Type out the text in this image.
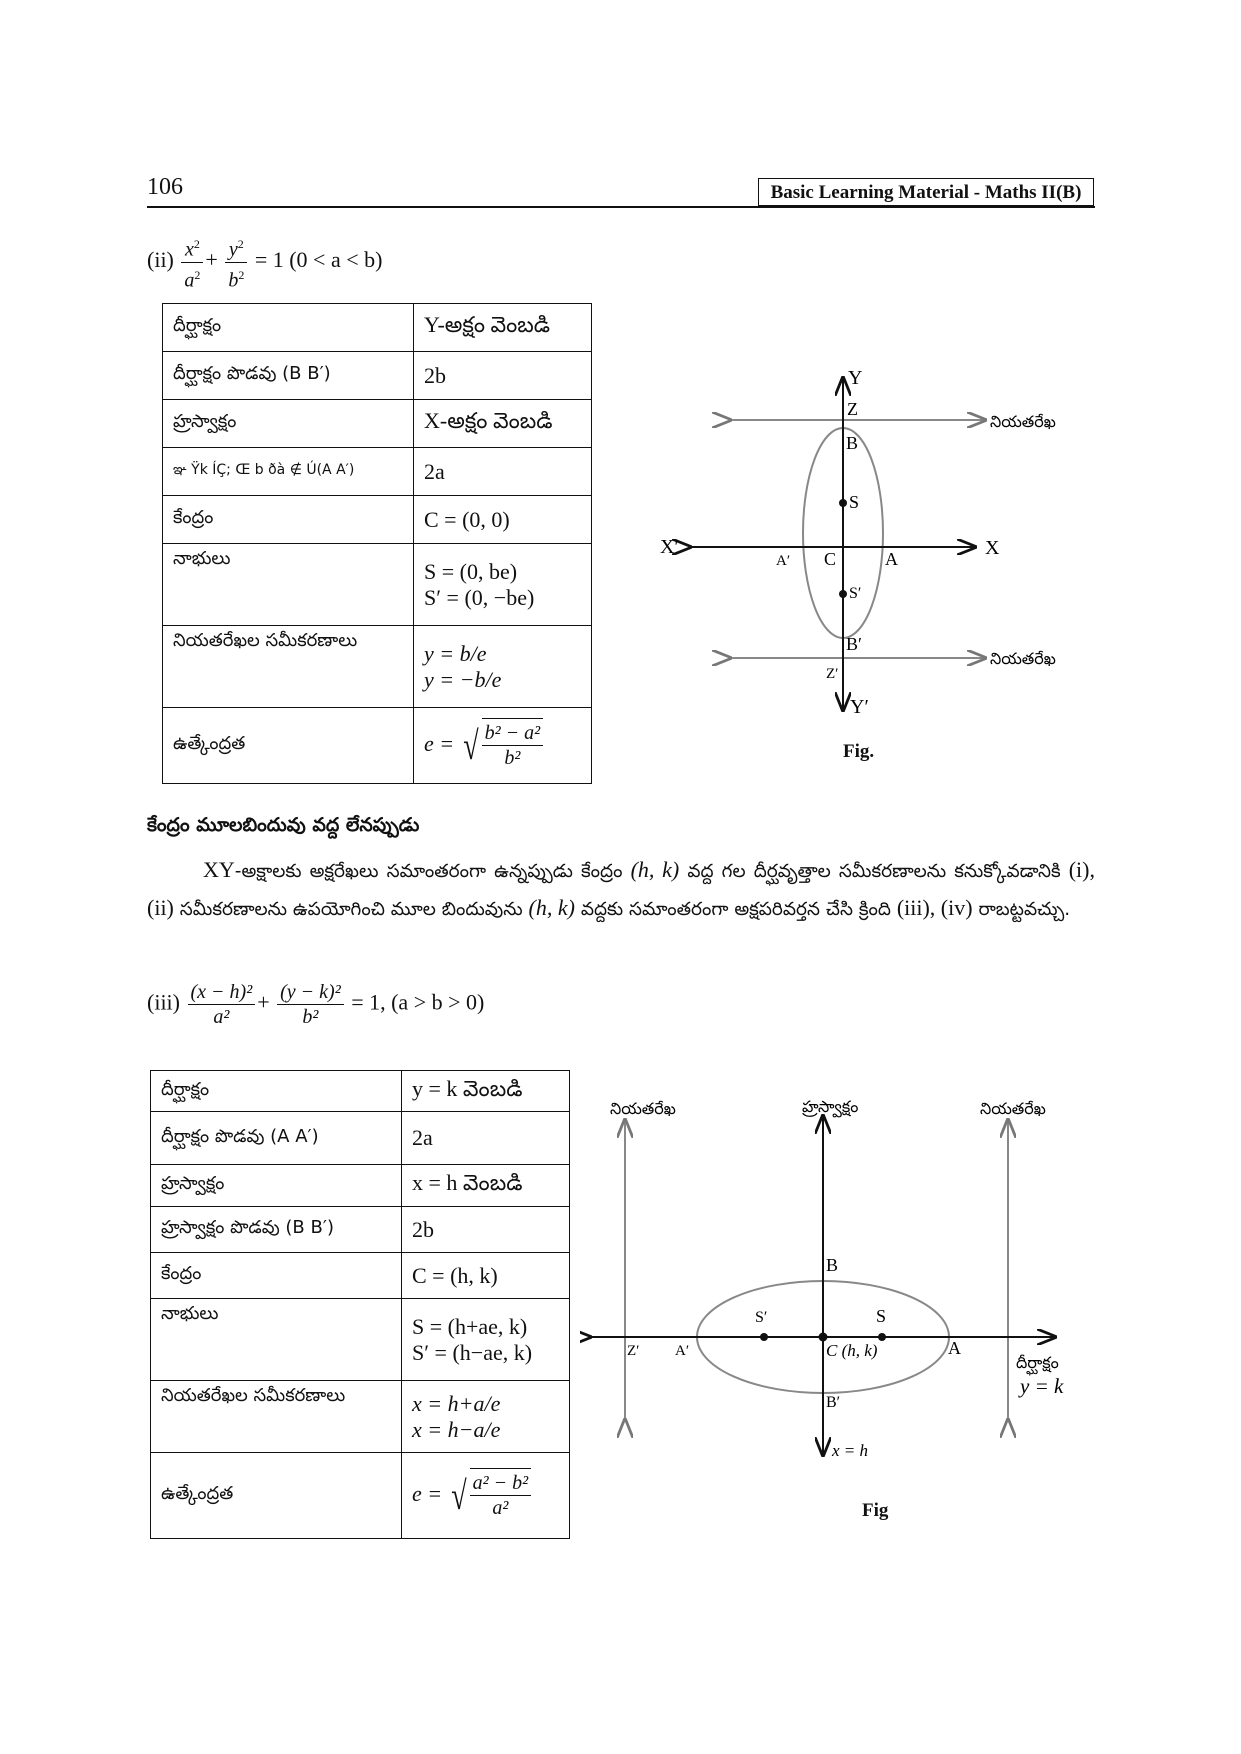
106	Basic Learning Material - Maths II(B)
$(ii) \frac{x^2}{a^2} + \frac{y^2}{b^2} = 1$ (0 < a < b)
దీర్ఘాక్షం	Y-అక్షం వెంబడి
దీర్ఘాక్షం పొడవు (B B′)	2b
హ్రస్వాక్షం	X-అక్షం వెంబడి
ఞ Ÿk ÍÇ; Œ b ðà ∉ Ú(A A′)	2a
కేంద్రం	C = (0, 0)
నాభులు	S = (0, be)
S′ = (0, −be)

నియతరేఖల సమీకరణాలు	y = b/e
y = −b/e

ఉత్కేంద్రత	e = √ $\frac{\text{b² − a²}}{\text{b²}}$
Y
Y′
X
X′
Z
Z′
B
B′
S
S′
C	A
A′
నియతరేఖ
నియతరేఖ
Fig.
కేంద్రం మూలబిందువు వద్ద లేనప్పుడు
XY-అక్షాలకు అక్షరేఖలు సమాంతరంగా ఉన్నప్పుడు కేంద్రం (h, k) వద్ద గల దీర్ఘవృత్తాల సమీకరణాలను కనుక్కోవడానికి (i), (ii) సమీకరణాలను ఉపయోగించి మూల బిందువును (h, k) వద్దకు సమాంతరంగా అక్షపరివర్తన చేసి క్రింది (iii), (iv) రాబట్టవచ్చు.
$(iii) \frac{\text{(x − h)²}}{\text{a²}} + \frac{\text{(y − k)²}}{\text{b²}} = 1$, (a > b > 0)
దీర్ఘాక్షం	y = k వెంబడి
దీర్ఘాక్షం పొడవు (A A′)	2a
హ్రస్వాక్షం	x = h వెంబడి
హ్రస్వాక్షం పొడవు (B B′)	2b
కేంద్రం	C = (h, k)
నాభులు	S = (h+ae, k)
S′ = (h−ae, k)

నియతరేఖల సమీకరణాలు	x = h+a/e
x = h−a/e

ఉత్కేంద్రత	e = √ $\frac{\text{a² − b²}}{\text{a²}}$
నియతరేఖ	హ్రస్వాక్షం	నియతరేఖ
B
B′
S′	S
Z′ A′	A
C (h, k)
దీర్ఘాక్షం
y = k
x = h
Fig
